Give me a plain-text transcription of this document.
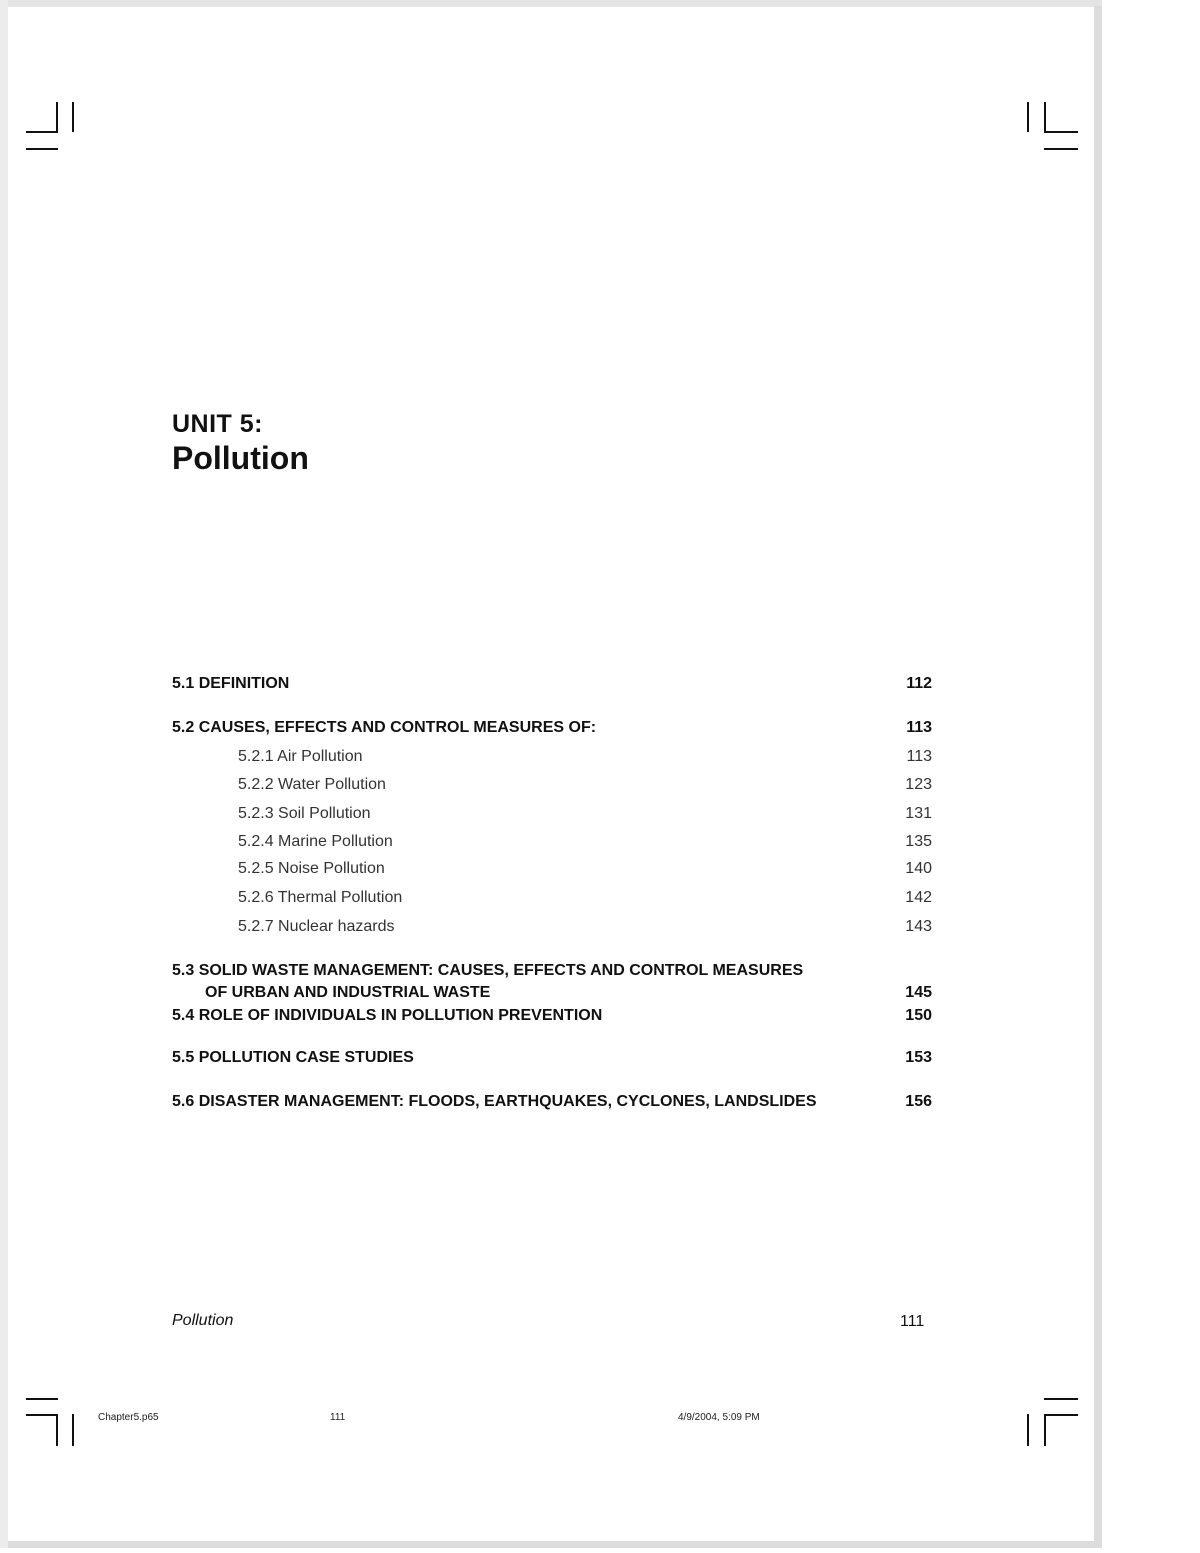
UNIT 5:
Pollution
5.1 DEFINITION	112
5.2 CAUSES, EFFECTS AND CONTROL MEASURES OF:	113
5.2.1 Air Pollution	113
5.2.2 Water Pollution	123
5.2.3 Soil Pollution	131
5.2.4 Marine Pollution	135
5.2.5 Noise Pollution	140
5.2.6 Thermal Pollution	142
5.2.7 Nuclear hazards	143
5.3 SOLID WASTE MANAGEMENT: CAUSES, EFFECTS AND CONTROL MEASURES
OF URBAN AND INDUSTRIAL WASTE	145
5.4 ROLE OF INDIVIDUALS IN POLLUTION PREVENTION	150
5.5 POLLUTION CASE STUDIES	153
5.6 DISASTER MANAGEMENT: FLOODS, EARTHQUAKES, CYCLONES, LANDSLIDES	156
Pollution	111
Chapter5.p65	111	4/9/2004, 5:09 PM
